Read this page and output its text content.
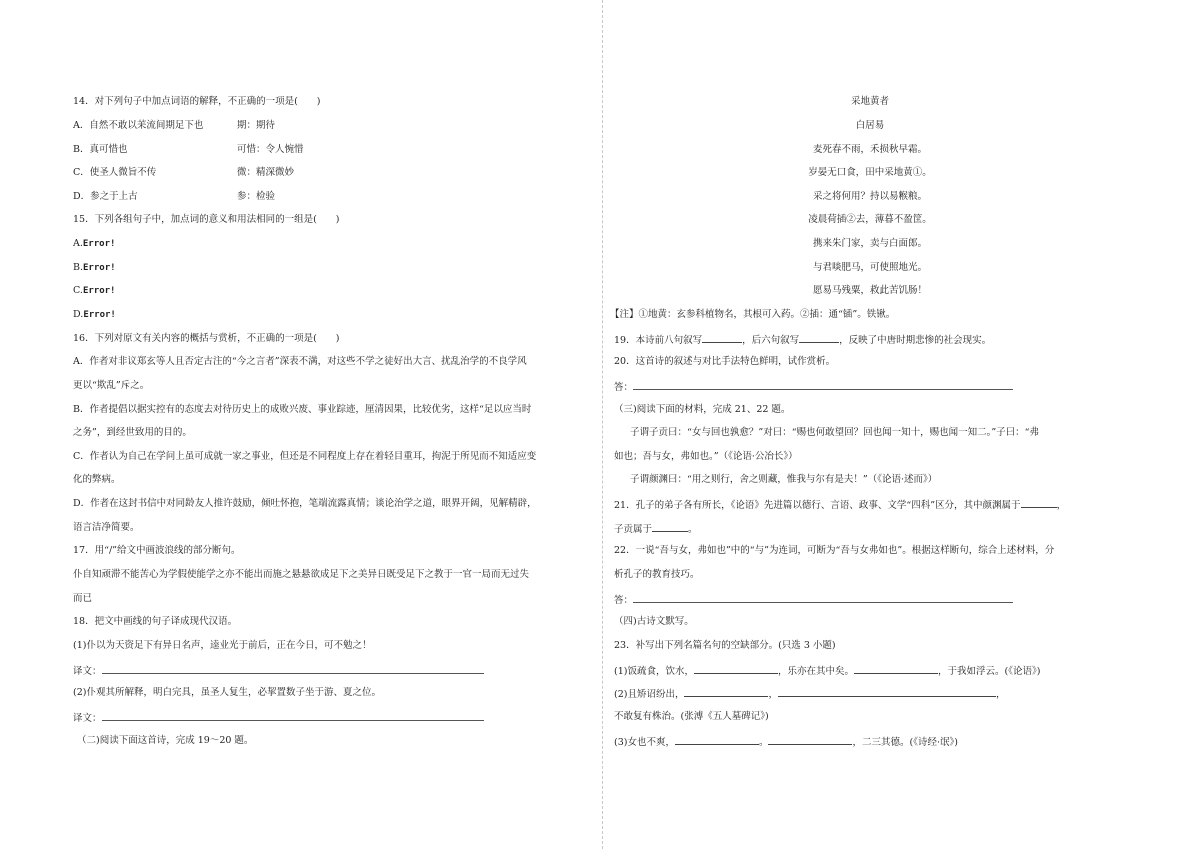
14．对下列句子中加点词语的解释，不正确的一项是(　　)
A．自然不敢以苿流间期足下也	期：期待
B．真可惜也	可惜：令人惋惜
C．使圣人微旨不传	微：精深微妙
D．参之于上古	参：检验
15．下列各组句子中，加点词的意义和用法相同的一组是(　　)
A.Error!
B.Error!
C.Error!
D.Error!
16．下列对原文有关内容的概括与赏析，不正确的一项是(　　)
A．作者对非议郑玄等人且否定古注的“今之言者”深表不满，对这些不学之徒好出大言、扰乱治学的不良学风
更以“欺乱”斥之。
B．作者提倡以据实控有的态度去对待历史上的成败兴废、事业踪迹，厘清因果，比较优劣，这样“足以应当时
之务”，到经世致用的目的。
C．作者认为自己在学问上虽可成就一家之事业，但还是不同程度上存在着轻目重耳，拘泥于所见而不知适应变
化的弊病。
D．作者在这封书信中对同龄友人推许鼓励，倾吐怀抱，笔端流露真情；谈论治学之道，眼界开阔，见解精辟，
语言洁净简要。
17．用“/”给文中画波浪线的部分断句。
仆自知顽滞不能苦心为学假使能学之亦不能出而施之悬悬欲成足下之美异日既受足下之教于一官一局而无过失
而已
18．把文中画线的句子译成现代汉语。
(1)仆以为天资足下有异日名声，逵业光于前后，正在今日，可不勉之！
译文：
(2)仆观其所解释，明白完具，虽圣人复生，必挈置数子坐于游、夏之位。
译文：
（二)阅读下面这首诗，完成 19～20 题。
采地黄者
白居易
麦死春不雨，禾损秋早霜。
岁晏无口食，田中采地黄①。
采之将何用？持以易糇粮。
凌晨荷插②去，薄暮不盈筐。
携来朱门家，卖与白面郎。
与君啖肥马，可使照地光。
愿易马残粟，救此苦饥肠！
【注】①地黄：玄参科植物名，其根可入药。②插：通“锸”。铁锹。
19．本诗前八句叙写	，后六句叙写	，反映了中唐时期悲惨的社会现实。
20．这首诗的叙述与对比手法特色鲜明，试作赏析。
答：
（三)阅读下面的材料，完成 21、22 题。
子谓子贡曰：“女与回也孰愈？”对曰：“赐也何敢望回？回也闻一知十，赐也闻一知二。”子曰：“弗
如也；吾与女，弗如也。”（《论语·公冶长》）
子谓颜渊曰：“用之则行，舍之则藏，惟我与尔有是夫！”（《论语·述而》）
21．孔子的弟子各有所长，《论语》先进篇以德行、言语、政事、文学“四科”区分，其中颜渊属于	，
子贡属于	。
22．一说“吾与女，弗如也”中的“与”为连词，可断为“吾与女弗如也”。根据这样断句，综合上述材料，分
析孔子的教育技巧。
答：
（四)古诗文默写。
23．补写出下列名篇名句的空缺部分。(只选 3 小题)
(1)饭疏食，饮水，	，乐亦在其中矣。	，于我如浮云。(《论语》)
(2)且矫诏纷出，	，	，
不敢复有株治。(张溥《五人墓碑记》)
(3)女也不爽，	。	，二三其德。(《诗经·氓》)
